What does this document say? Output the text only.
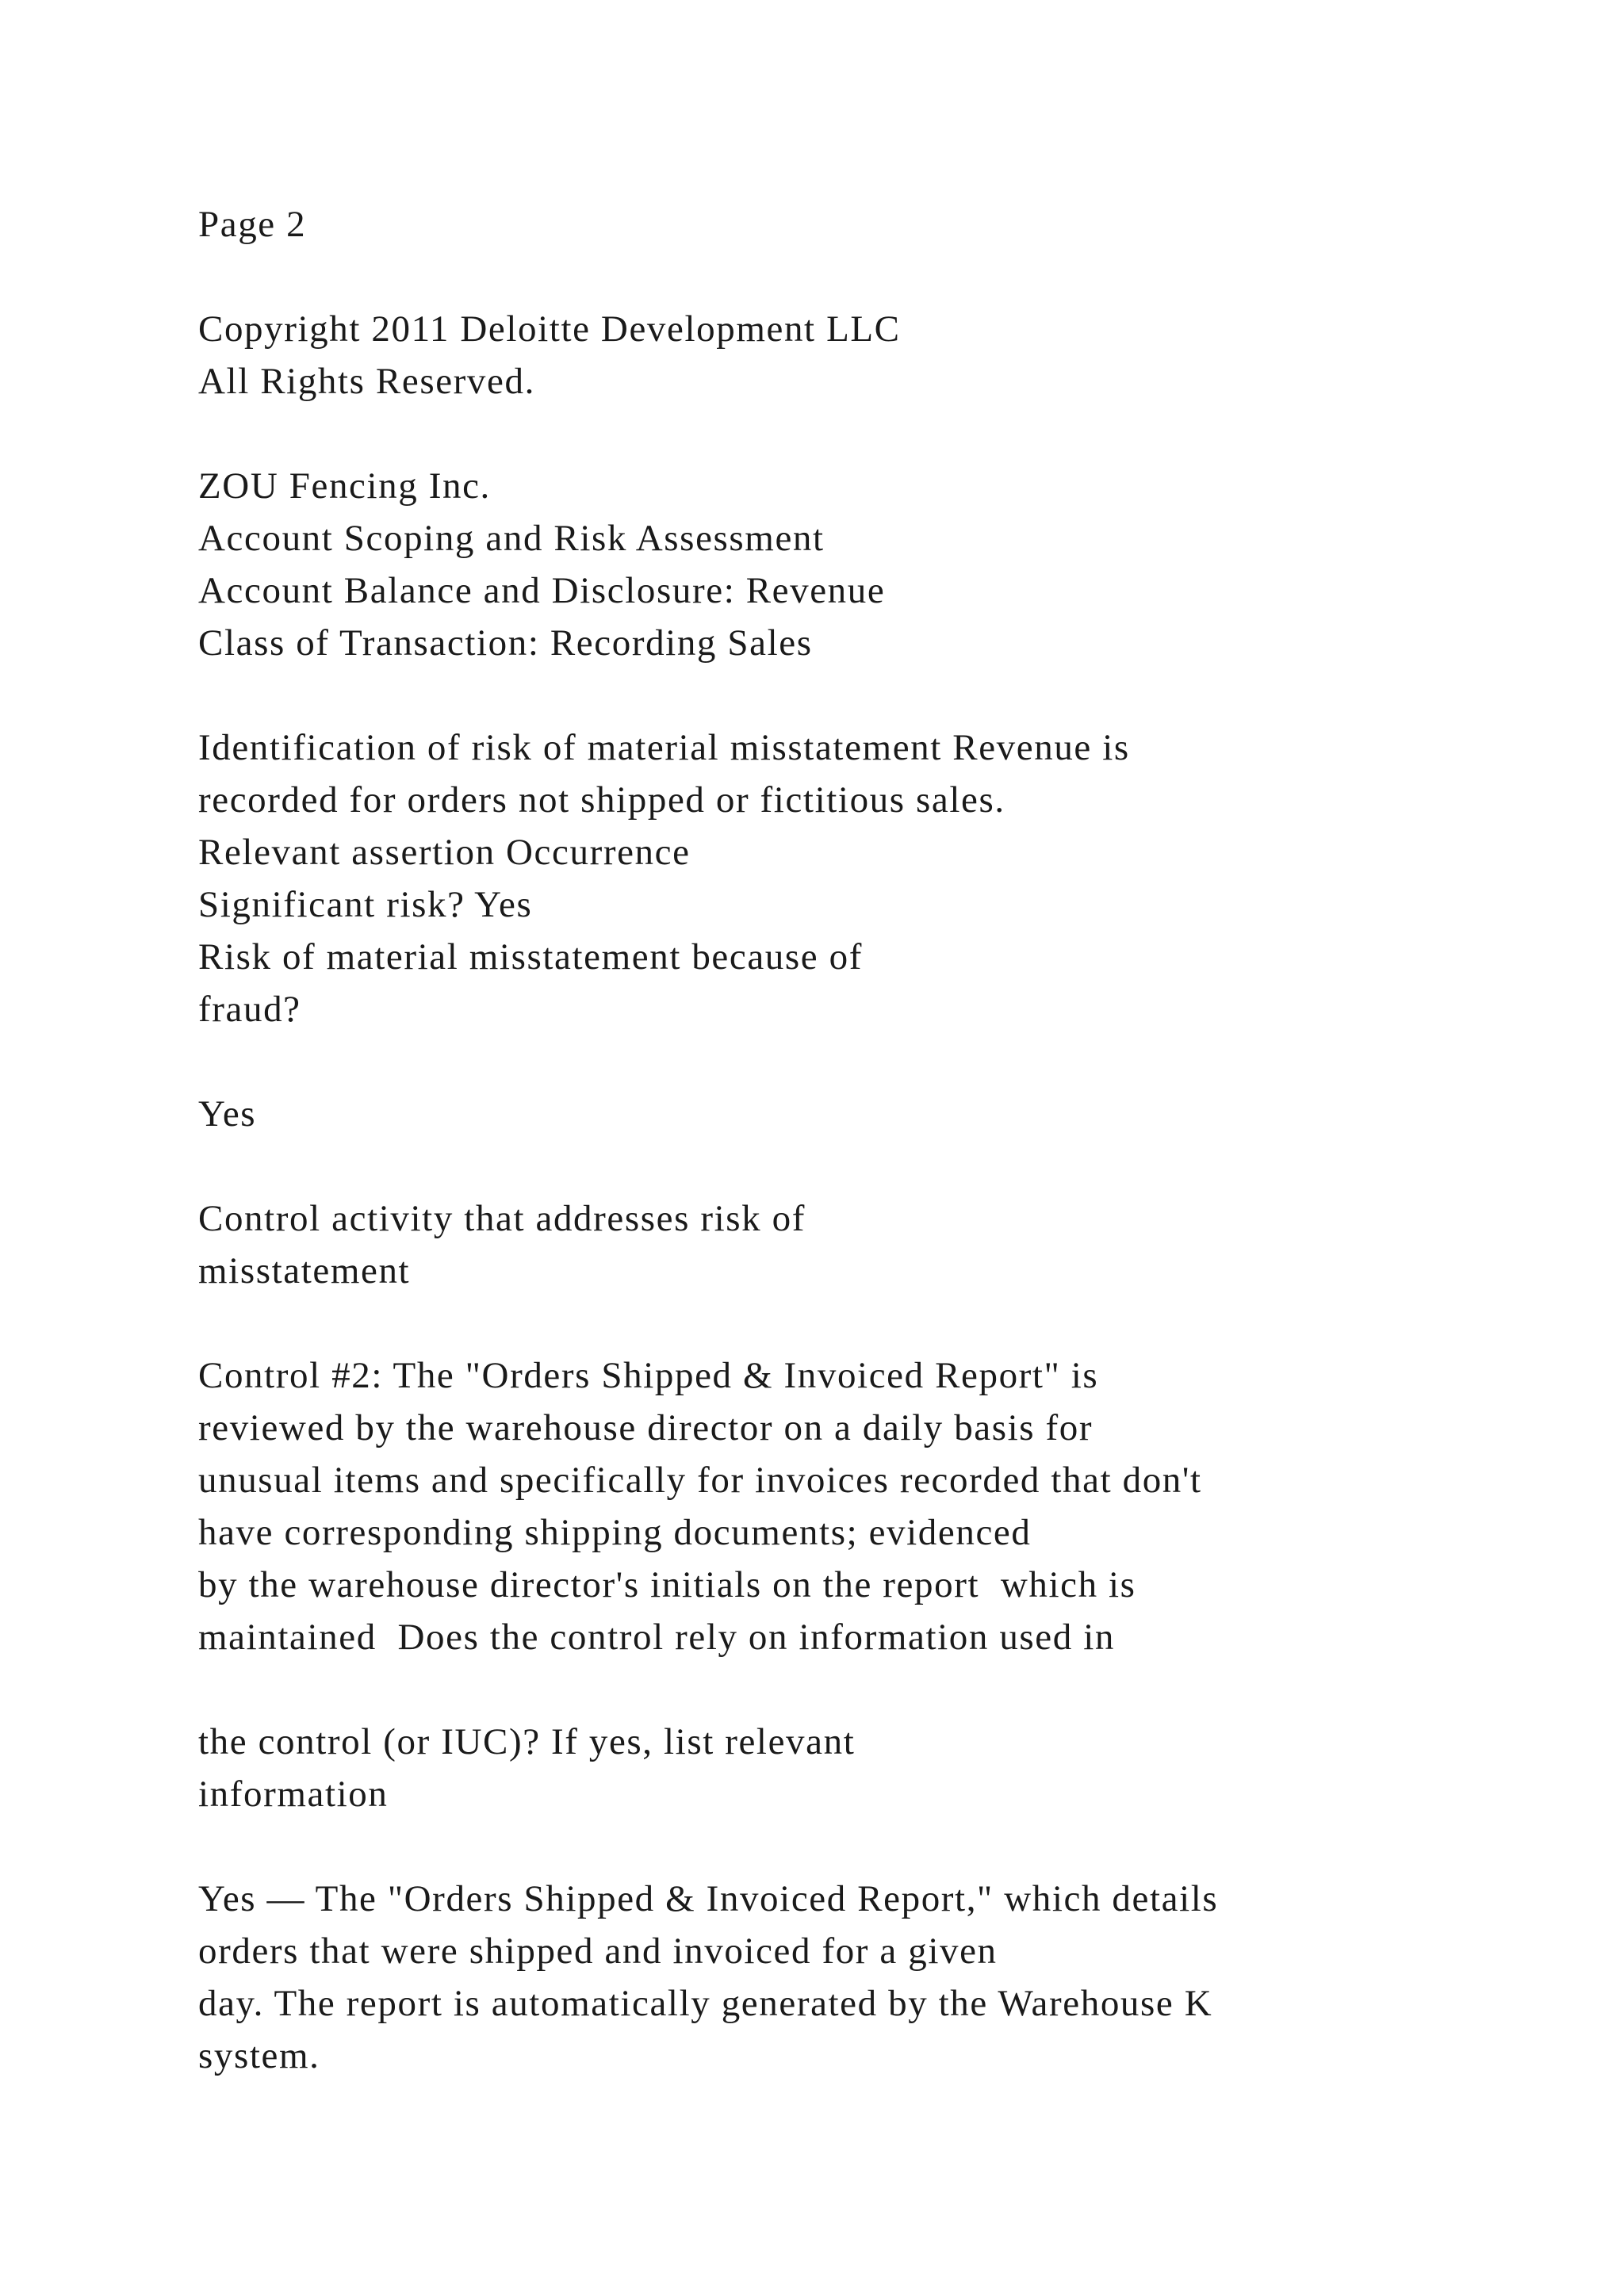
Page 2
Copyright 2011 Deloitte Development LLC
All Rights Reserved.
ZOU Fencing Inc.
Account Scoping and Risk Assessment
Account Balance and Disclosure: Revenue
Class of Transaction: Recording Sales
Identification of risk of material misstatement Revenue is
recorded for orders not shipped or fictitious sales.
Relevant assertion Occurrence
Significant risk? Yes
Risk of material misstatement because of
fraud?
Yes
Control activity that addresses risk of
misstatement
Control #2: The "Orders Shipped & Invoiced Report" is
reviewed by the warehouse director on a daily basis for
unusual items and specifically for invoices recorded that don't
have corresponding shipping documents; evidenced
by the warehouse director's initials on the report  which is
maintained  Does the control rely on information used in
the control (or IUC)? If yes, list relevant
information
Yes — The "Orders Shipped & Invoiced Report," which details
orders that were shipped and invoiced for a given
day. The report is automatically generated by the Warehouse K
system.
